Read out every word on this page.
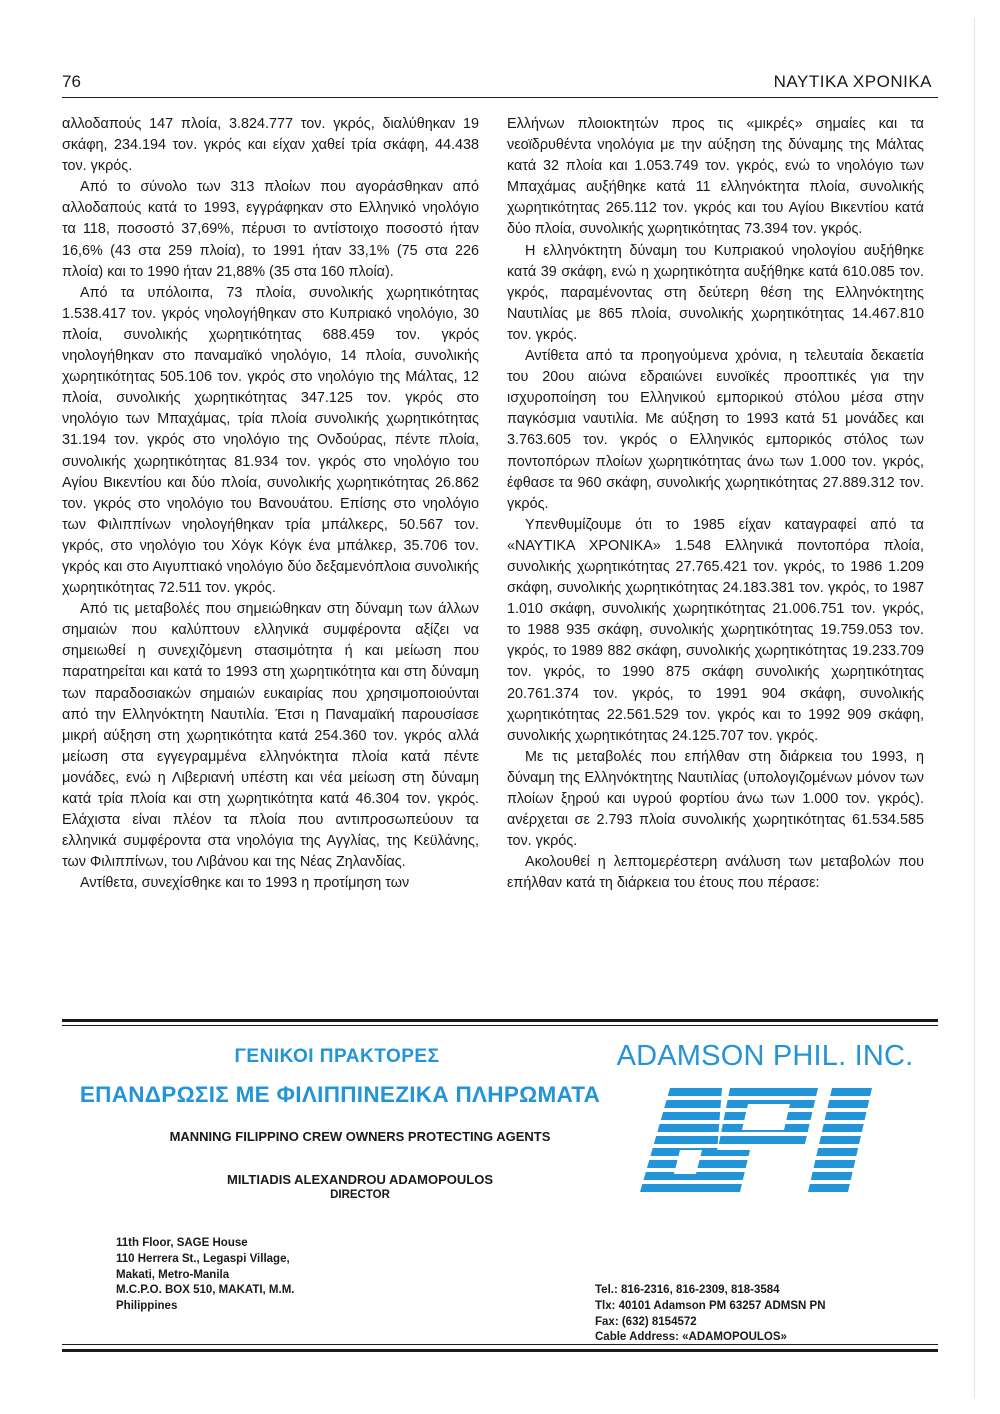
76	ΝΑΥΤΙΚΑ ΧΡΟΝΙΚΑ

αλλοδαπούς 147 πλοία, 3.824.777 τον. γκρός, διαλύθηκαν 19 σκάφη, 234.194 τον. γκρός και είχαν χαθεί τρία σκάφη, 44.438 τον. γκρός.

Από το σύνολο των 313 πλοίων που αγοράσθηκαν από αλλοδαπούς κατά το 1993, εγγράφηκαν στο Ελληνικό νηολόγιο τα 118, ποσοστό 37,69%, πέρυσι το αντίστοιχο ποσοστό ήταν 16,6% (43 στα 259 πλοία), το 1991 ήταν 33,1% (75 στα 226 πλοία) και το 1990 ήταν 21,88% (35 στα 160 πλοία).

Από τα υπόλοιπα, 73 πλοία, συνολικής χωρητικότητας 1.538.417 τον. γκρός νηολογήθηκαν στο Κυπριακό νηολόγιο, 30 πλοία, συνολικής χωρητικότητας 688.459 τον. γκρός νηολογήθηκαν στο παναμαϊκό νηολόγιο, 14 πλοία, συνολικής χωρητικότητας 505.106 τον. γκρός στο νηολόγιο της Μάλτας, 12 πλοία, συνολικής χωρητικότητας 347.125 τον. γκρός στο νηολόγιο των Μπαχάμας, τρία πλοία συνολικής χωρητικότητας 31.194 τον. γκρός στο νηολόγιο της Ονδούρας, πέντε πλοία, συνολικής χωρητικότητας 81.934 τον. γκρός στο νηολόγιο του Αγίου Βικεντίου και δύο πλοία, συνολικής χωρητικότητας 26.862 τον. γκρός στο νηολόγιο του Βανουάτου. Επίσης στο νηολόγιο των Φιλιππίνων νηολογήθηκαν τρία μπάλκερς, 50.567 τον. γκρός, στο νηολόγιο του Χόγκ Κόγκ ένα μπάλκερ, 35.706 τον. γκρός και στο Αιγυπτιακό νηολόγιο δύο δεξαμενόπλοια συνολικής χωρητικότητας 72.511 τον. γκρός.

Από τις μεταβολές που σημειώθηκαν στη δύναμη των άλλων σημαιών που καλύπτουν ελληνικά συμφέροντα αξίζει να σημειωθεί η συνεχιζόμενη στασιμότητα ή και μείωση που παρατηρείται και κατά το 1993 στη χωρητικότητα και στη δύναμη των παραδοσιακών σημαιών ευκαιρίας που χρησιμοποιούνται από την Ελληνόκτητη Ναυτιλία. Έτσι η Παναμαϊκή παρουσίασε μικρή αύξηση στη χωρητικότητα κατά 254.360 τον. γκρός αλλά μείωση στα εγγεγραμμένα ελληνόκτητα πλοία κατά πέντε μονάδες, ενώ η Λιβεριανή υπέστη και νέα μείωση στη δύναμη κατά τρία πλοία και στη χωρητικότητα κατά 46.304 τον. γκρός. Ελάχιστα είναι πλέον τα πλοία που αντιπροσωπεύουν τα ελληνικά συμφέροντα στα νηολόγια της Αγγλίας, της Κεϋλάνης, των Φιλιππίνων, του Λιβάνου και της Νέας Ζηλανδίας.

Αντίθετα, συνεχίσθηκε και το 1993 η προτίμηση των

Ελλήνων πλοιοκτητών προς τις «μικρές» σημαίες και τα νεοϊδρυθέντα νηολόγια με την αύξηση της δύναμης της Μάλτας κατά 32 πλοία και 1.053.749 τον. γκρός, ενώ το νηολόγιο των Μπαχάμας αυξήθηκε κατά 11 ελληνόκτητα πλοία, συνολικής χωρητικότητας 265.112 τον. γκρός και του Αγίου Βικεντίου κατά δύο πλοία, συνολικής χωρητικότητας 73.394 τον. γκρός.

Η ελληνόκτητη δύναμη του Κυπριακού νηολογίου αυξήθηκε κατά 39 σκάφη, ενώ η χωρητικότητα αυξήθηκε κατά 610.085 τον. γκρός, παραμένοντας στη δεύτερη θέση της Ελληνόκτητης Ναυτιλίας με 865 πλοία, συνολικής χωρητικότητας 14.467.810 τον. γκρός.

Αντίθετα από τα προηγούμενα χρόνια, η τελευταία δεκαετία του 20ου αιώνα εδραιώνει ευνοϊκές προοπτικές για την ισχυροποίηση του Ελληνικού εμπορικού στόλου μέσα στην παγκόσμια ναυτιλία. Με αύξηση το 1993 κατά 51 μονάδες και 3.763.605 τον. γκρός ο Ελληνικός εμπορικός στόλος των ποντοπόρων πλοίων χωρητικότητας άνω των 1.000 τον. γκρός, έφθασε τα 960 σκάφη, συνολικής χωρητικότητας 27.889.312 τον. γκρός.

Υπενθυμίζουμε ότι το 1985 είχαν καταγραφεί από τα «ΝΑΥΤΙΚΑ ΧΡΟΝΙΚΑ» 1.548 Ελληνικά ποντοπόρα πλοία, συνολικής χωρητικότητας 27.765.421 τον. γκρός, το 1986 1.209 σκάφη, συνολικής χωρητικότητας 24.183.381 τον. γκρός, το 1987 1.010 σκάφη, συνολικής χωρητικότητας 21.006.751 τον. γκρός, το 1988 935 σκάφη, συνολικής χωρητικότητας 19.759.053 τον. γκρός, το 1989 882 σκάφη, συνολικής χωρητικότητας 19.233.709 τον. γκρός, το 1990 875 σκάφη συνολικής χωρητικότητας 20.761.374 τον. γκρός, το 1991 904 σκάφη, συνολικής χωρητικότητας 22.561.529 τον. γκρός και το 1992 909 σκάφη, συνολικής χωρητικότητας 24.125.707 τον. γκρός.

Με τις μεταβολές που επήλθαν στη διάρκεια του 1993, η δύναμη της Ελληνόκτητης Ναυτιλίας (υπολογιζομένων μόνον των πλοίων ξηρού και υγρού φορτίου άνω των 1.000 τον. γκρός). ανέρχεται σε 2.793 πλοία συνολικής χωρητικότητας 61.534.585 τον. γκρός.

Ακολουθεί η λεπτομερέστερη ανάλυση των μεταβολών που επήλθαν κατά τη διάρκεια του έτους που πέρασε:

ΓΕΝΙΚΟΙ ΠΡΑΚΤΟΡΕΣ
ΕΠΑΝΔΡΩΣΙΣ ΜΕ ΦΙΛΙΠΠΙΝΕΖΙΚΑ ΠΛΗΡΩΜΑΤΑ
MANNING FILIPPINO CREW OWNERS PROTECTING AGENTS
MILTIADIS ALEXANDROU ADAMOPOULOS
DIRECTOR
11th Floor, SAGE House
110 Herrera St., Legaspi Village,
Makati, Metro-Manila
M.C.P.O. BOX 510, MAKATI, M.M.
Philippines
ADAMSON PHIL. INC.
Tel.: 816-2316, 816-2309, 818-3584
Tlx: 40101 Adamson PM 63257 ADMSN PN
Fax: (632) 8154572
Cable Address: «ADAMOPOULOS»
